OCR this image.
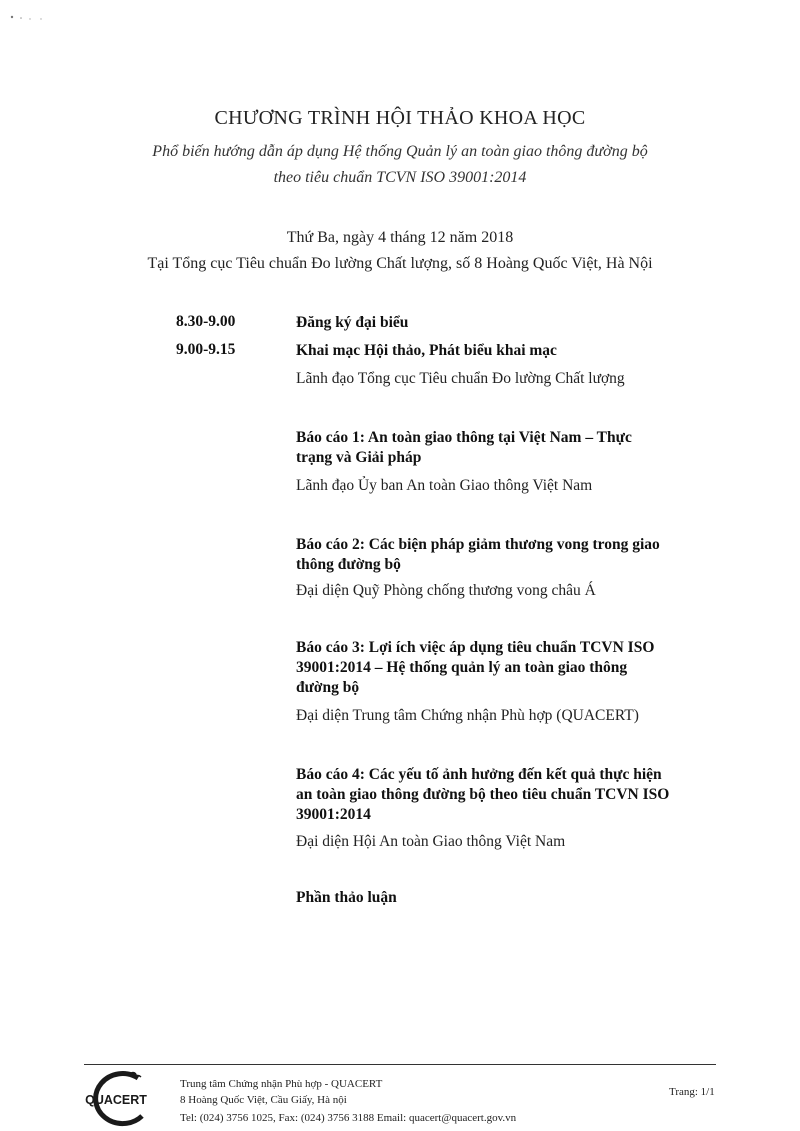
CHƯƠNG TRÌNH HỘI THẢO KHOA HỌC
Phổ biến hướng dẫn áp dụng Hệ thống Quản lý an toàn giao thông đường bộ
theo tiêu chuẩn TCVN ISO 39001:2014
Thứ Ba, ngày 4 tháng 12 năm 2018
Tại Tổng cục Tiêu chuẩn Đo lường Chất lượng, số 8 Hoàng Quốc Việt, Hà Nội
8.30-9.00	Đăng ký đại biểu
9.00-9.15	Khai mạc Hội thảo, Phát biểu khai mạc
Lãnh đạo Tổng cục Tiêu chuẩn Đo lường Chất lượng
Báo cáo 1: An toàn giao thông tại Việt Nam – Thực
trạng và Giải pháp
Lãnh đạo Ủy ban An toàn Giao thông Việt Nam
Báo cáo 2: Các biện pháp giảm thương vong trong giao
thông đường bộ
Đại diện Quỹ Phòng chống thương vong châu Á
Báo cáo 3: Lợi ích việc áp dụng tiêu chuẩn TCVN ISO
39001:2014 – Hệ thống quản lý an toàn giao thông
đường bộ
Đại diện Trung tâm Chứng nhận Phù hợp (QUACERT)
Báo cáo 4: Các yếu tố ảnh hưởng đến kết quả thực hiện
an toàn giao thông đường bộ theo tiêu chuẩn TCVN ISO
39001:2014
Đại diện Hội An toàn Giao thông Việt Nam
Phần thảo luận
QUACERT
Trung tâm Chứng nhận Phù hợp - QUACERT
8 Hoàng Quốc Việt, Cầu Giấy, Hà nội
Tel: (024) 3756 1025, Fax: (024) 3756 3188 Email: quacert@quacert.gov.vn
Trang: 1/1
